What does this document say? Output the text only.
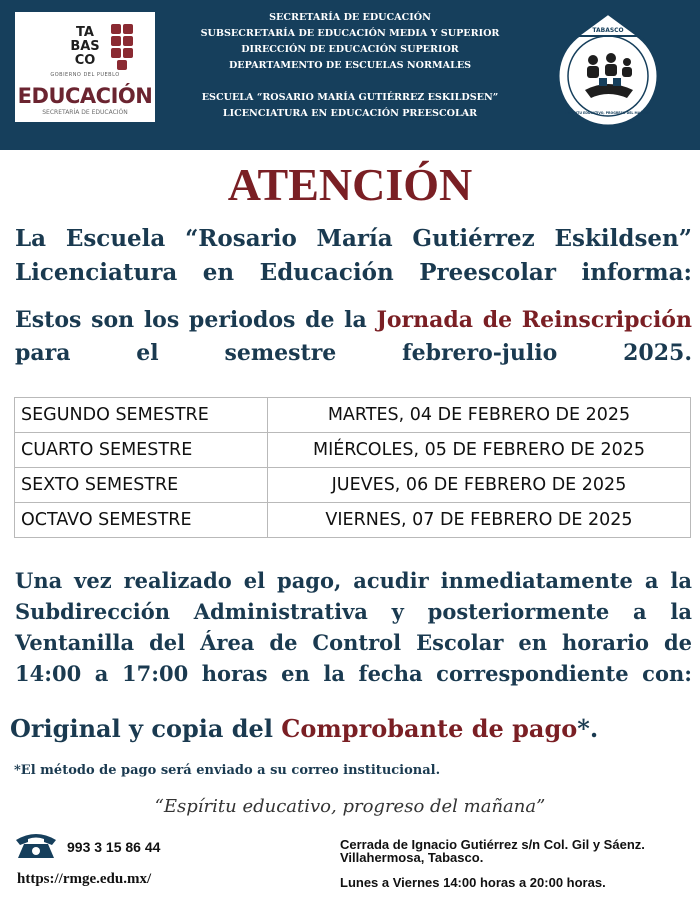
TA
BAS
CO
GOBIERNO DEL PUEBLO
EDUCACIÓN
SECRETARÍA DE EDUCACIÓN
SECRETARÍA DE EDUCACIÓN
SUBSECRETARÍA DE EDUCACIÓN MEDIA Y SUPERIOR
DIRECCIÓN DE EDUCACIÓN SUPERIOR
DEPARTAMENTO DE ESCUELAS NORMALES
ESCUELA “ROSARIO MARÍA GUTIÉRREZ ESKILDSEN”
LICENCIATURA EN EDUCACIÓN PREESCOLAR
TABASCO
ESPÍRITU EDUCATIVO, PROGRESO DEL MAÑANA
ATENCIÓN
La Escuela “Rosario María Gutiérrez Eskildsen” Licenciatura en Educación Preescolar informa:
Estos son los periodos de la Jornada de Reinscripción para el semestre febrero-julio 2025.
SEGUNDO SEMESTRE	MARTES, 04 DE FEBRERO DE 2025
CUARTO SEMESTRE	MIÉRCOLES, 05 DE FEBRERO DE 2025
SEXTO SEMESTRE	JUEVES, 06 DE FEBRERO DE 2025
OCTAVO SEMESTRE	VIERNES, 07 DE FEBRERO DE 2025
Una vez realizado el pago, acudir inmediatamente a la Subdirección Administrativa y posteriormente a la Ventanilla del Área de Control Escolar en horario de 14:00 a 17:00 horas en la fecha correspondiente con:
Original y copia del Comprobante de pago*.
*El método de pago será enviado a su correo institucional.
“Espíritu educativo, progreso del mañana”
993 3 15 86 44
https://rmge.edu.mx/
Cerrada de Ignacio Gutiérrez s/n Col. Gil y Sáenz.
Villahermosa, Tabasco.
Lunes a Viernes 14:00 horas a 20:00 horas.
